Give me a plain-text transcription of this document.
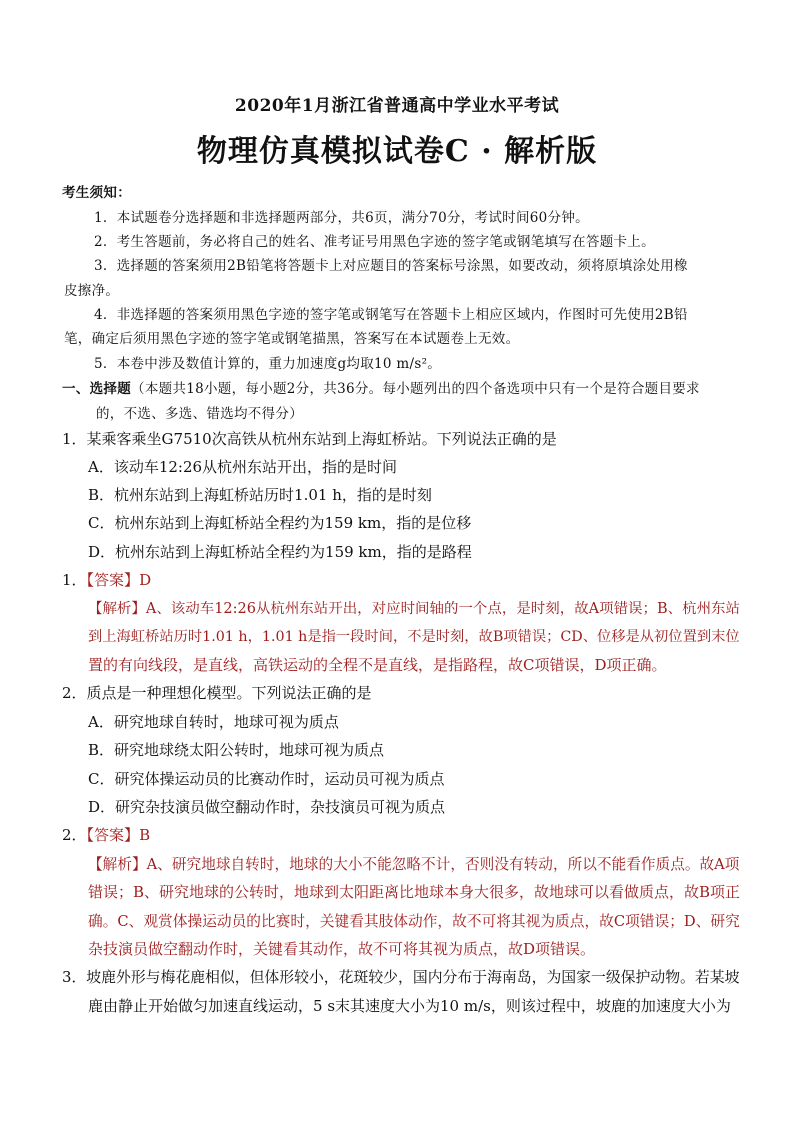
2020年1月浙江省普通高中学业水平考试
物理仿真模拟试卷C · 解析版
考生须知：
1．本试题卷分选择题和非选择题两部分，共6页，满分70分，考试时间60分钟。
2．考生答题前，务必将自己的姓名、准考证号用黑色字迹的签字笔或钢笔填写在答题卡上。
3．选择题的答案须用2B铅笔将答题卡上对应题目的答案标号涂黑，如要改动，须将原填涂处用橡
皮擦净。
4．非选择题的答案须用黑色字迹的签字笔或钢笔写在答题卡上相应区域内，作图时可先使用2B铅
笔，确定后须用黑色字迹的签字笔或钢笔描黑，答案写在本试题卷上无效。
5．本卷中涉及数值计算的，重力加速度g均取10 m/s²。
一、选择题（本题共18小题，每小题2分，共36分。每小题列出的四个备选项中只有一个是符合题目要求
的，不选、多选、错选均不得分）
1．某乘客乘坐G7510次高铁从杭州东站到上海虹桥站。下列说法正确的是
A．该动车12:26从杭州东站开出，指的是时间
B．杭州东站到上海虹桥站历时1.01 h，指的是时刻
C．杭州东站到上海虹桥站全程约为159 km，指的是位移
D．杭州东站到上海虹桥站全程约为159 km，指的是路程
1．【答案】D
【解析】A、该动车12:26从杭州东站开出，对应时间轴的一个点，是时刻，故A项错误；B、杭州东站
到上海虹桥站历时1.01 h，1.01 h是指一段时间，不是时刻，故B项错误；CD、位移是从初位置到末位
置的有向线段，是直线，高铁运动的全程不是直线，是指路程，故C项错误，D项正确。
2．质点是一种理想化模型。下列说法正确的是
A．研究地球自转时，地球可视为质点
B．研究地球绕太阳公转时，地球可视为质点
C．研究体操运动员的比赛动作时，运动员可视为质点
D．研究杂技演员做空翻动作时，杂技演员可视为质点
2．【答案】B
【解析】A、研究地球自转时，地球的大小不能忽略不计，否则没有转动，所以不能看作质点。故A项
错误；B、研究地球的公转时，地球到太阳距离比地球本身大很多，故地球可以看做质点，故B项正
确。C、观赏体操运动员的比赛时，关键看其肢体动作，故不可将其视为质点，故C项错误；D、研究
杂技演员做空翻动作时，关键看其动作，故不可将其视为质点，故D项错误。
3．坡鹿外形与梅花鹿相似，但体形较小，花斑较少，国内分布于海南岛，为国家一级保护动物。若某坡
鹿由静止开始做匀加速直线运动，5 s末其速度大小为10 m/s，则该过程中，坡鹿的加速度大小为
